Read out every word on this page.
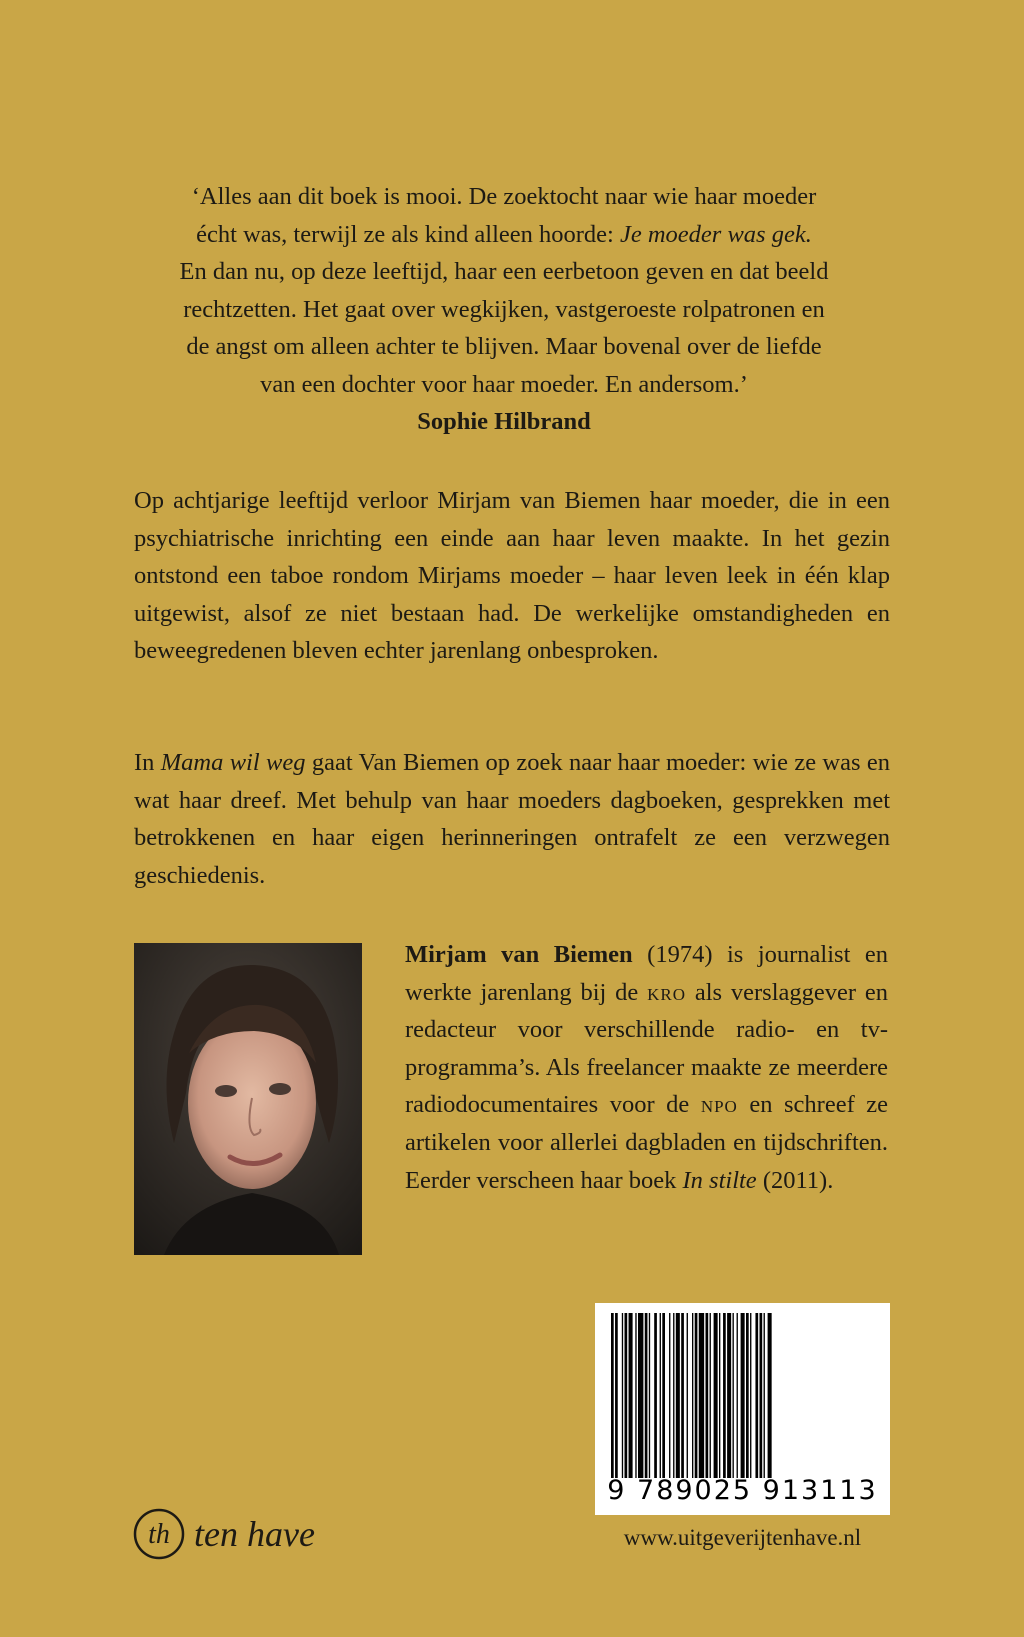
‘Alles aan dit boek is mooi. De zoektocht naar wie haar moeder
écht was, terwijl ze als kind alleen hoorde: Je moeder was gek.
En dan nu, op deze leeftijd, haar een eerbetoon geven en dat beeld
rechtzetten. Het gaat over wegkijken, vastgeroeste rolpatronen en
de angst om alleen achter te blijven. Maar bovenal over de liefde
van een dochter voor haar moeder. En andersom.’
Sophie Hilbrand
Op achtjarige leeftijd verloor Mirjam van Biemen haar moeder, die in een psychiatrische inrichting een einde aan haar leven maakte. In het gezin ontstond een taboe rondom Mirjams moeder – haar leven leek in één klap uitgewist, alsof ze niet bestaan had. De werkelijke omstandigheden en beweegredenen bleven echter jarenlang onbesproken.
In Mama wil weg gaat Van Biemen op zoek naar haar moeder: wie ze was en wat haar dreef. Met behulp van haar moeders dagboeken, gesprekken met betrokkenen en haar eigen herinneringen ontrafelt ze een verzwegen geschiedenis.
Mirjam van Biemen (1974) is journalist en werkte jarenlang bij de kro als verslaggever en redacteur voor verschillende radio- en tv-programma’s. Als freelancer maakte ze meerdere radiodocumentaires voor de npo en schreef ze artikelen voor allerlei dagbladen en tijdschriften. Eerder verscheen haar boek In stilte (2011).
9 789025 913113
th ten have	www.uitgeverijtenhave.nl
